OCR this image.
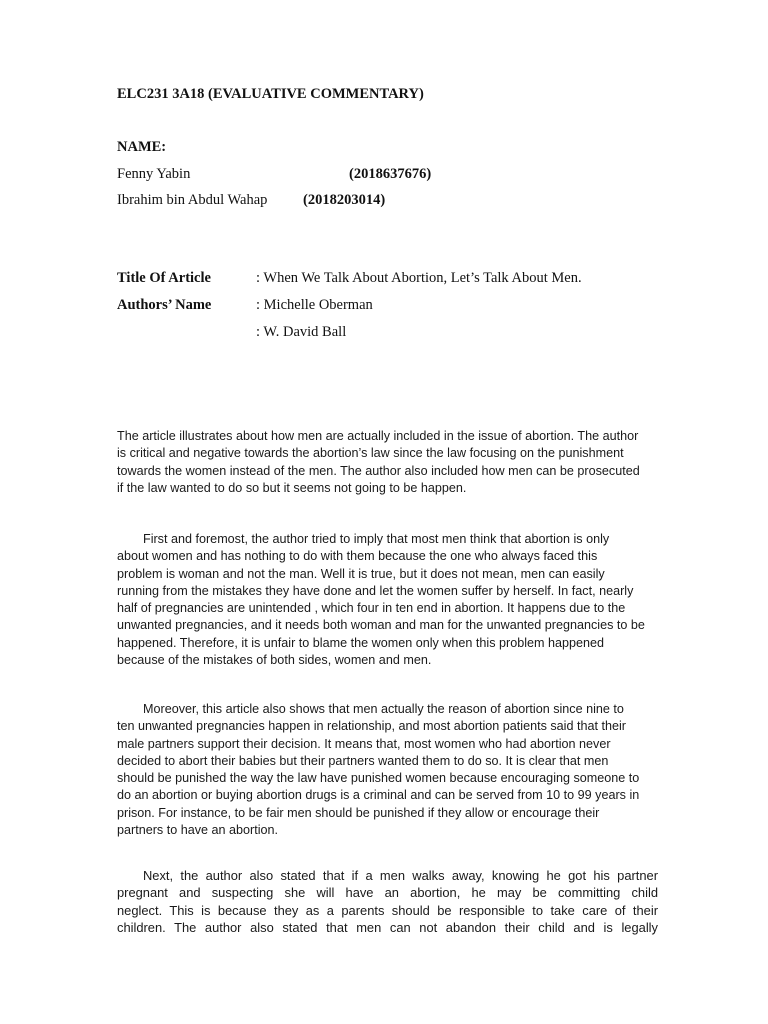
ELC231 3A18 (EVALUATIVE COMMENTARY)
NAME:
Fenny Yabin	(2018637676)
Ibrahim bin Abdul Wahap (2018203014)
Title Of Article	: When We Talk About Abortion, Let’s Talk About Men.
Authors’ Name	: Michelle Oberman
: W. David Ball
The article illustrates about how men are actually included in the issue of abortion. The author
is critical and negative towards the abortion’s law since the law focusing on the punishment
towards the women instead of the men. The author also included how men can be prosecuted
if the law wanted to do so but it seems not going to be happen.
First and foremost, the author tried to imply that most men think that abortion is only
about women and has nothing to do with them because the one who always faced this
problem is woman and not the man. Well it is true, but it does not mean, men can easily
running from the mistakes they have done and let the women suffer by herself. In fact, nearly
half of pregnancies are unintended , which four in ten end in abortion. It happens due to the
unwanted pregnancies, and it needs both woman and man for the unwanted pregnancies to be
happened. Therefore, it is unfair to blame the women only when this problem happened
because of the mistakes of both sides, women and men.
Moreover, this article also shows that men actually the reason of abortion since nine to
ten unwanted pregnancies happen in relationship, and most abortion patients said that their
male partners support their decision. It means that, most women who had abortion never
decided to abort their babies but their partners wanted them to do so. It is clear that men
should be punished the way the law have punished women because encouraging someone to
do an abortion or buying abortion drugs is a criminal and can be served from 10 to 99 years in
prison. For instance, to be fair men should be punished if they allow or encourage their
partners to have an abortion.
Next, the author also stated that if a men walks away, knowing he got his partner
pregnant and suspecting she will have an abortion, he may be committing child
neglect. This is because they as a parents should be responsible to take care of their
children. The author also stated that men can not abandon their child and is legally
